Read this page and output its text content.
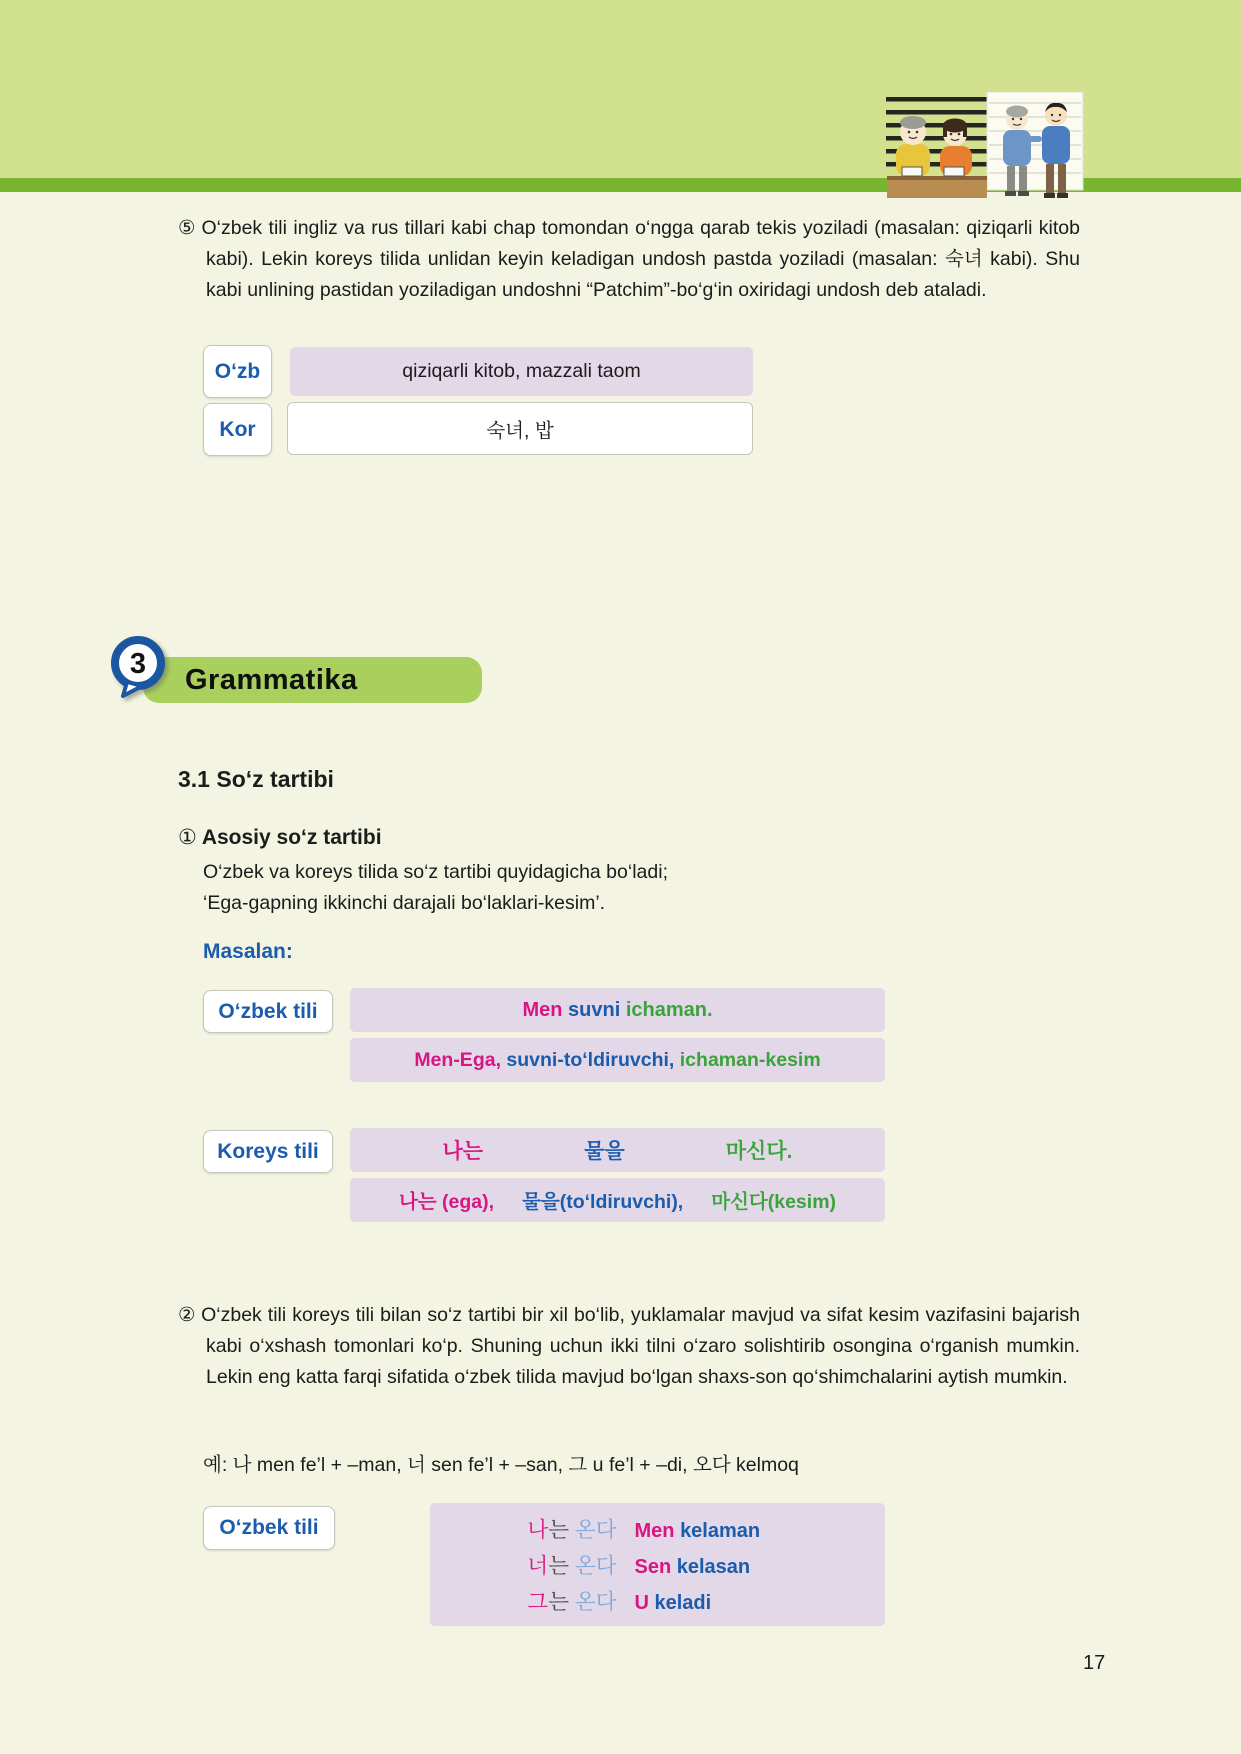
⑤ O‘zbek tili ingliz va rus tillari kabi chap tomondan o‘ngga qarab tekis yoziladi (masalan: qiziqarli kitob kabi). Lekin koreys tilida unlidan keyin keladigan undosh pastda yoziladi (masalan: 숙녀 kabi). Shu kabi unlining pastidan yoziladigan undoshni “Patchim”-bo‘g‘in oxiridagi undosh deb ataladi.

O‘zb	qiziqarli kitob, mazzali taom
Kor	숙녀, 밥
3 Grammatika
3.1 So‘z tartibi
① Asosiy so‘z tartibi
O‘zbek va koreys tilida so‘z tartibi quyidagicha bo‘ladi;
‘Ega-gapning ikkinchi darajali bo‘laklari-kesim’.
Masalan:
O‘zbek tili	Men suvni ichaman.
Men-Ega, suvni-to‘ldiruvchi, ichaman-kesim
Koreys tili	나는	물을	마신다.
나는 (ega), 물을(to‘ldiruvchi), 마신다(kesim)

② O‘zbek tili koreys tili bilan so‘z tartibi bir xil bo‘lib, yuklamalar mavjud va sifat kesim vazifasini bajarish kabi o‘xshash tomonlari ko‘p. Shuning uchun ikki tilni o‘zaro solishtirib osongina o‘rganish mumkin. Lekin eng katta farqi sifatida o‘zbek tilida mavjud bo‘lgan shaxs-son qo‘shimchalarini aytish mumkin.

예: 나 men fe’l + –man, 너 sen fe’l + –san, 그 u fe’l + –di, 오다 kelmoq
O‘zbek tili	나는 온다 Men kelaman
너는 온다 Sen kelasan
그는 온다 U keladi
17
